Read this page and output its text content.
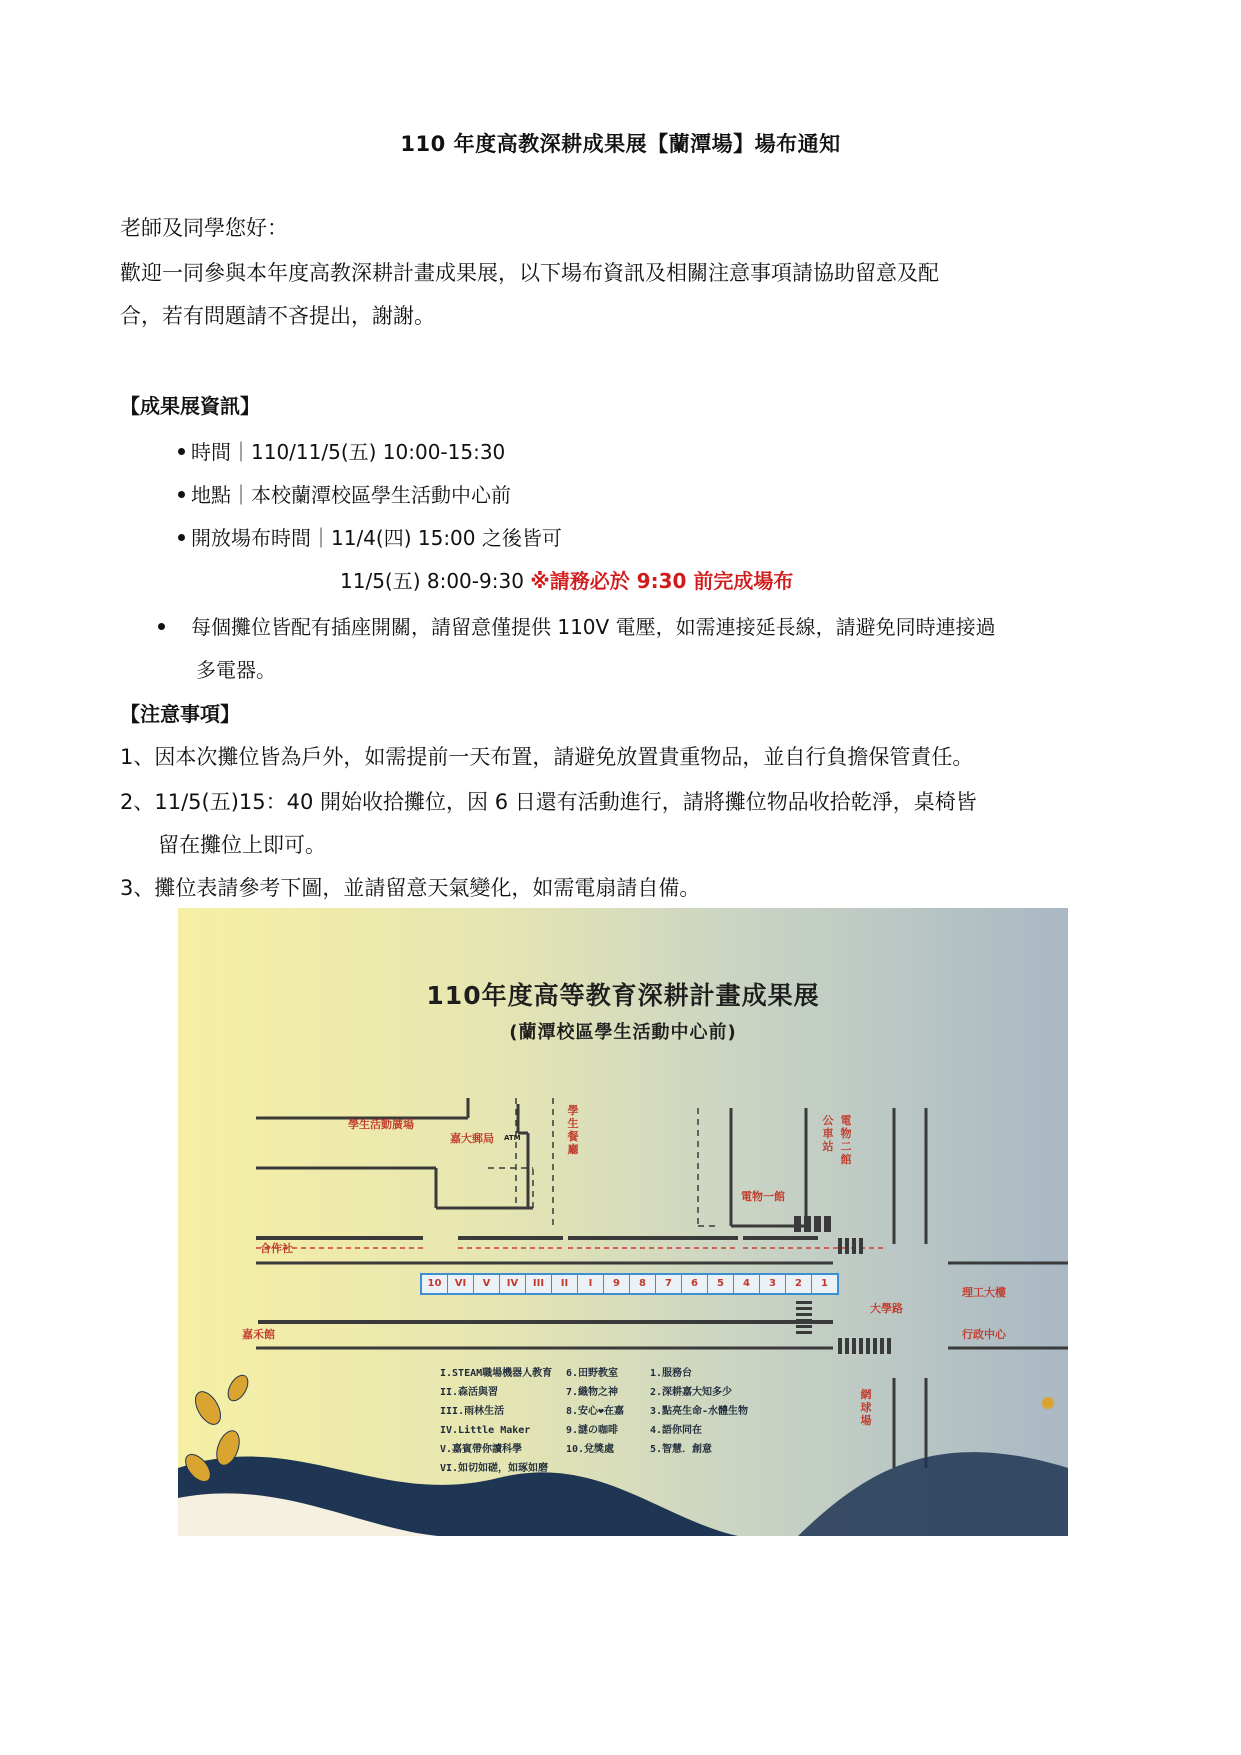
110 年度高教深耕成果展【蘭潭場】場布通知
老師及同學您好：
歡迎一同參與本年度高教深耕計畫成果展，以下場布資訊及相關注意事項請協助留意及配
合，若有問題請不吝提出，謝謝。
【成果展資訊】
時間｜110/11/5(五) 10:00-15:30
地點｜本校蘭潭校區學生活動中心前
開放場布時間｜11/4(四) 15:00 之後皆可
11/5(五) 8:00-9:30 ※請務必於 9:30 前完成場布
每個攤位皆配有插座開關，請留意僅提供 110V 電壓，如需連接延長線，請避免同時連接過
多電器。
【注意事項】
1、因本次攤位皆為戶外，如需提前一天布置，請避免放置貴重物品，並自行負擔保管責任。
2、11/5(五)15：40 開始收拾攤位，因 6 日還有活動進行，請將攤位物品收拾乾淨，桌椅皆
留在攤位上即可。
3、攤位表請參考下圖，並請留意天氣變化，如需電扇請自備。
110年度高等教育深耕計畫成果展
(蘭潭校區學生活動中心前)
學生活動廣場
嘉大郵局 ATM
學生餐廳
公車站
電物二館
電物一館
合作社
嘉禾館
大學路
理工大樓
行政中心
網球場
10	VI	V	IV	III	II	I	9	8	7	6	5	4	3	2	1
I.STEAM職場機器人教育
II.森活與習
III.雨林生活
IV.Little Maker
V.嘉賓帶你讀科學
VI.如切如磋，如琢如磨
6.田野教室
7.織物之神
8.安心❤在嘉
9.謎の咖啡
10.兌獎處
1.服務台
2.深耕嘉大知多少
3.點亮生命-水體生物
4.語你同在
5.智慧．創意
